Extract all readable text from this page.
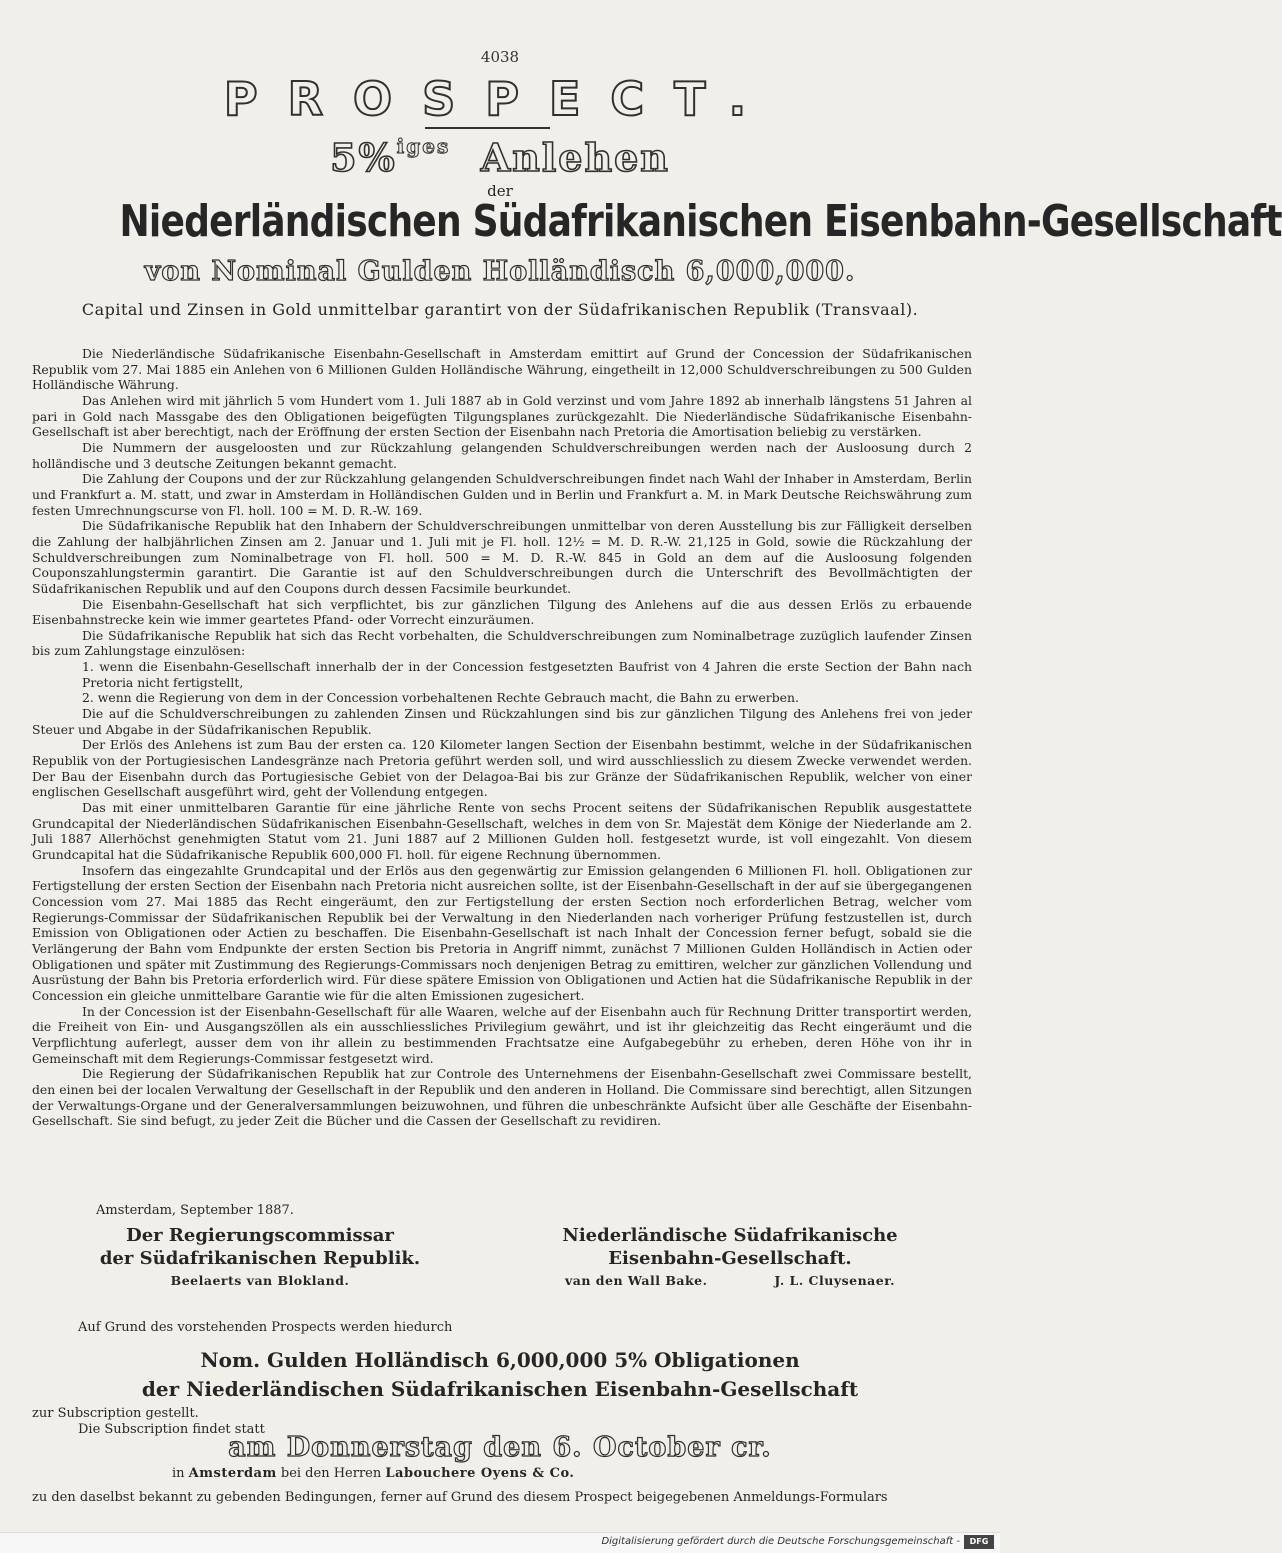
4038
PROSPECT.
5%$^{iges}$ Anlehen
der
Niederländischen Südafrikanischen Eisenbahn-Gesellschaft
von Nominal Gulden Holländisch 6,000,000.
Capital und Zinsen in Gold unmittelbar garantirt von der Südafrikanischen Republik (Transvaal).

Die Niederländische Südafrikanische Eisenbahn-Gesellschaft in Amsterdam emittirt auf Grund der Concession der Südafrikanischen Republik vom 27. Mai 1885 ein Anlehen von 6 Millionen Gulden Holländische Währung, eingetheilt in 12,000 Schuldverschreibungen zu 500 Gulden Holländische Währung.

Das Anlehen wird mit jährlich 5 vom Hundert vom 1. Juli 1887 ab in Gold verzinst und vom Jahre 1892 ab innerhalb längstens 51 Jahren al pari in Gold nach Massgabe des den Obligationen beigefügten Tilgungsplanes zurückgezahlt. Die Niederländische Südafrikanische Eisenbahn-Gesellschaft ist aber berechtigt, nach der Eröffnung der ersten Section der Eisenbahn nach Pretoria die Amortisation beliebig zu verstärken.

Die Nummern der ausgeloosten und zur Rückzahlung gelangenden Schuldverschreibungen werden nach der Ausloosung durch 2 holländische und 3 deutsche Zeitungen bekannt gemacht.

Die Zahlung der Coupons und der zur Rückzahlung gelangenden Schuldverschreibungen findet nach Wahl der Inhaber in Amsterdam, Berlin und Frankfurt a. M. statt, und zwar in Amsterdam in Holländischen Gulden und in Berlin und Frankfurt a. M. in Mark Deutsche Reichswährung zum festen Umrechnungscurse von Fl. holl. 100 = M. D. R.-W. 169.

Die Südafrikanische Republik hat den Inhabern der Schuldverschreibungen unmittelbar von deren Ausstellung bis zur Fälligkeit derselben die Zahlung der halbjährlichen Zinsen am 2. Januar und 1. Juli mit je Fl. holl. 12½ = M. D. R.-W. 21,125 in Gold, sowie die Rückzahlung der Schuldverschreibungen zum Nominalbetrage von Fl. holl. 500 = M. D. R.-W. 845 in Gold an dem auf die Ausloosung folgenden Couponszahlungstermin garantirt. Die Garantie ist auf den Schuldverschreibungen durch die Unterschrift des Bevollmächtigten der Südafrikanischen Republik und auf den Coupons durch dessen Facsimile beurkundet.

Die Eisenbahn-Gesellschaft hat sich verpflichtet, bis zur gänzlichen Tilgung des Anlehens auf die aus dessen Erlös zu erbauende Eisenbahnstrecke kein wie immer geartetes Pfand- oder Vorrecht einzuräumen.

Die Südafrikanische Republik hat sich das Recht vorbehalten, die Schuldverschreibungen zum Nominalbetrage zuzüglich laufender Zinsen bis zum Zahlungstage einzulösen:

1. wenn die Eisenbahn-Gesellschaft innerhalb der in der Concession festgesetzten Baufrist von 4 Jahren die erste Section der Bahn nach Pretoria nicht fertigstellt,

2. wenn die Regierung von dem in der Concession vorbehaltenen Rechte Gebrauch macht, die Bahn zu erwerben.

Die auf die Schuldverschreibungen zu zahlenden Zinsen und Rückzahlungen sind bis zur gänzlichen Tilgung des Anlehens frei von jeder Steuer und Abgabe in der Südafrikanischen Republik.

Der Erlös des Anlehens ist zum Bau der ersten ca. 120 Kilometer langen Section der Eisenbahn bestimmt, welche in der Südafrikanischen Republik von der Portugiesischen Landesgränze nach Pretoria geführt werden soll, und wird ausschliesslich zu diesem Zwecke verwendet werden. Der Bau der Eisenbahn durch das Portugiesische Gebiet von der Delagoa-Bai bis zur Gränze der Südafrikanischen Republik, welcher von einer englischen Gesellschaft ausgeführt wird, geht der Vollendung entgegen.

Das mit einer unmittelbaren Garantie für eine jährliche Rente von sechs Procent seitens der Südafrikanischen Republik ausgestattete Grundcapital der Niederländischen Südafrikanischen Eisenbahn-Gesellschaft, welches in dem von Sr. Majestät dem Könige der Niederlande am 2. Juli 1887 Allerhöchst genehmigten Statut vom 21. Juni 1887 auf 2 Millionen Gulden holl. festgesetzt wurde, ist voll eingezahlt. Von diesem Grundcapital hat die Südafrikanische Republik 600,000 Fl. holl. für eigene Rechnung übernommen.

Insofern das eingezahlte Grundcapital und der Erlös aus den gegenwärtig zur Emission gelangenden 6 Millionen Fl. holl. Obligationen zur Fertigstellung der ersten Section der Eisenbahn nach Pretoria nicht ausreichen sollte, ist der Eisenbahn-Gesellschaft in der auf sie übergegangenen Concession vom 27. Mai 1885 das Recht eingeräumt, den zur Fertigstellung der ersten Section noch erforderlichen Betrag, welcher vom Regierungs-Commissar der Südafrikanischen Republik bei der Verwaltung in den Niederlanden nach vorheriger Prüfung festzustellen ist, durch Emission von Obligationen oder Actien zu beschaffen. Die Eisenbahn-Gesellschaft ist nach Inhalt der Concession ferner befugt, sobald sie die Verlängerung der Bahn vom Endpunkte der ersten Section bis Pretoria in Angriff nimmt, zunächst 7 Millionen Gulden Holländisch in Actien oder Obligationen und später mit Zustimmung des Regierungs-Commissars noch denjenigen Betrag zu emittiren, welcher zur gänzlichen Vollendung und Ausrüstung der Bahn bis Pretoria erforderlich wird. Für diese spätere Emission von Obligationen und Actien hat die Südafrikanische Republik in der Concession ein gleiche unmittelbare Garantie wie für die alten Emissionen zugesichert.

In der Concession ist der Eisenbahn-Gesellschaft für alle Waaren, welche auf der Eisenbahn auch für Rechnung Dritter transportirt werden, die Freiheit von Ein- und Ausgangszöllen als ein ausschliessliches Privilegium gewährt, und ist ihr gleichzeitig das Recht eingeräumt und die Verpflichtung auferlegt, ausser dem von ihr allein zu bestimmenden Frachtsatze eine Aufgabegebühr zu erheben, deren Höhe von ihr in Gemeinschaft mit dem Regierungs-Commissar festgesetzt wird.

Die Regierung der Südafrikanischen Republik hat zur Controle des Unternehmens der Eisenbahn-Gesellschaft zwei Commissare bestellt, den einen bei der localen Verwaltung der Gesellschaft in der Republik und den anderen in Holland. Die Commissare sind berechtigt, allen Sitzungen der Verwaltungs-Organe und der Generalversammlungen beizuwohnen, und führen die unbeschränkte Aufsicht über alle Geschäfte der Eisenbahn-Gesellschaft. Sie sind befugt, zu jeder Zeit die Bücher und die Cassen der Gesellschaft zu revidiren.

Amsterdam, September 1887.
Der Regierungscommissar
der Südafrikanischen Republik.
Beelaerts van Blokland.
Niederländische Südafrikanische
Eisenbahn-Gesellschaft.
van den Wall Bake.	J. L. Cluysenaer.
Auf Grund des vorstehenden Prospects werden hiedurch
Nom. Gulden Holländisch 6,000,000 5% Obligationen
der Niederländischen Südafrikanischen Eisenbahn-Gesellschaft
zur Subscription gestellt.
Die Subscription findet statt
am Donnerstag den 6. October cr.
in Amsterdam bei den Herren Labouchere Oyens & Co.
zu den daselbst bekannt zu gebenden Bedingungen, ferner auf Grund des diesem Prospect beigegebenen Anmeldungs-Formulars
Digitalisierung gefördert durch die Deutsche Forschungsgemeinschaft -	DFG
